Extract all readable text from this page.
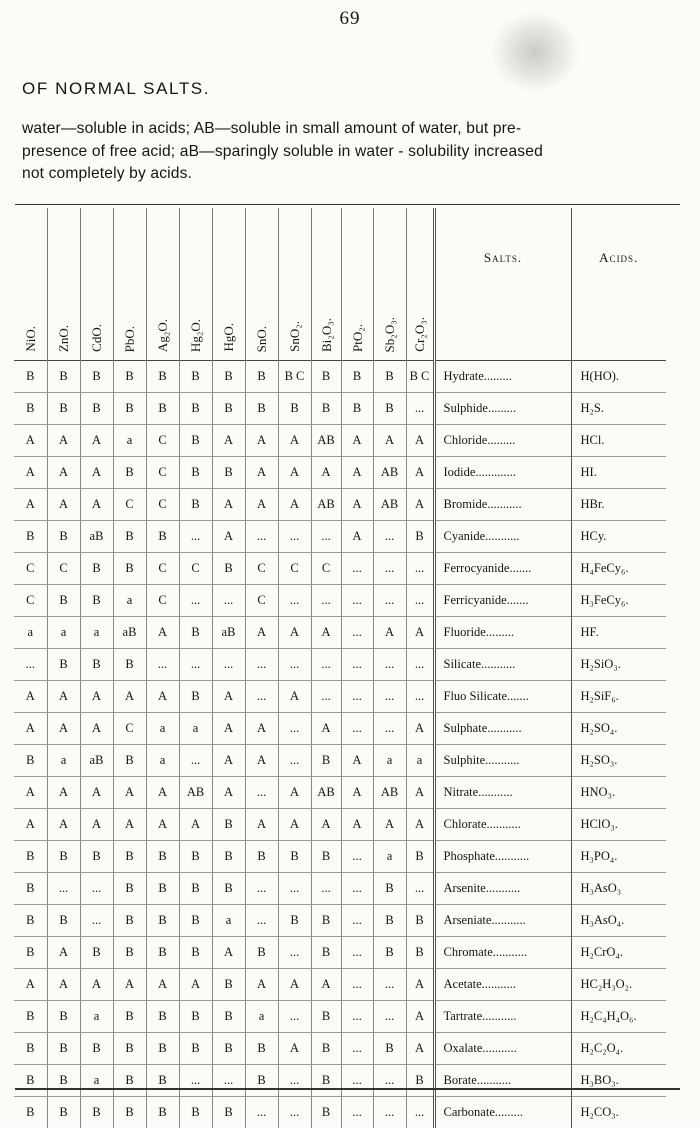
69
OF NORMAL SALTS.
water—soluble in acids; AB—soluble in small amount of water, but pre-
presence of free acid; aB—sparingly soluble in water - solubility increased
not completely by acids.
NiO.	ZnO.	CdO.	PbO.	Ag₂O.	Hg₂O.	HgO.	SnO.	SnO₂.	Bi₂O₃.	PtO₂.	Sb₂O₃.	Cr₂O₃.	Salts.	Acids.
B	B	B	B	B	B	B	B	B C	B	B	B	B C	Hydrate.........	H(HO).
B	B	B	B	B	B	B	B	B	B	B	B	...	Sulphide.........	H₂S.
A	A	A	a	C	B	A	A	A	AB	A	A	A	Chloride.........	HCl.
A	A	A	B	C	B	B	A	A	A	A	AB	A	Iodide.............	HI.
A	A	A	C	C	B	A	A	A	AB	A	AB	A	Bromide...........	HBr.
B	B	aB	B	B	...	A	...	...	...	A	...	B	Cyanide...........	HCy.
C	C	B	B	C	C	B	C	C	C	...	...	...	Ferrocyanide.......	H₄FeCy₆.
C	B	B	a	C	...	...	C	...	...	...	...	...	Ferricyanide.......	H₃FeCy₆.
a	a	a	aB	A	B	aB	A	A	A	...	A	A	Fluoride.........	HF.
...	B	B	B	...	...	...	...	...	...	...	...	...	Silicate...........	H₂SiO₃.
A	A	A	A	A	B	A	...	A	...	...	...	...	Fluo Silicate.......	H₂SiF₆.
A	A	A	C	a	a	A	A	...	A	...	...	A	Sulphate...........	H₂SO₄.
B	a	aB	B	a	...	A	A	...	B	A	a	a	Sulphite...........	H₂SO₃.
A	A	A	A	A	AB	A	...	A	AB	A	AB	A	Nitrate...........	HNO₃.
A	A	A	A	A	A	B	A	A	A	A	A	A	Chlorate...........	HClO₃.
B	B	B	B	B	B	B	B	B	B	...	a	B	Phosphate...........	H₃PO₄.
B	...	...	B	B	B	B	...	...	...	...	B	...	Arsenite...........	H₃AsO₃
B	B	...	B	B	B	a	...	B	B	...	B	B	Arseniate...........	H₃AsO₄.
B	A	B	B	B	B	A	B	...	B	...	B	B	Chromate...........	H₂CrO₄.
A	A	A	A	A	A	B	A	A	A	...	...	A	Acetate...........	HC₂H₃O₂.
B	B	a	B	B	B	B	a	...	B	...	...	A	Tartrate...........	H₂C₄H₄O₆.
B	B	B	B	B	B	B	B	A	B	...	B	A	Oxalate...........	H₂C₂O₄.
B	B	a	B	B	...	...	B	...	B	...	...	B	Borate...........	H₃BO₃.
B	B	B	B	B	B	B	...	...	B	...	...	...	Carbonate.........	H₂CO₃.
